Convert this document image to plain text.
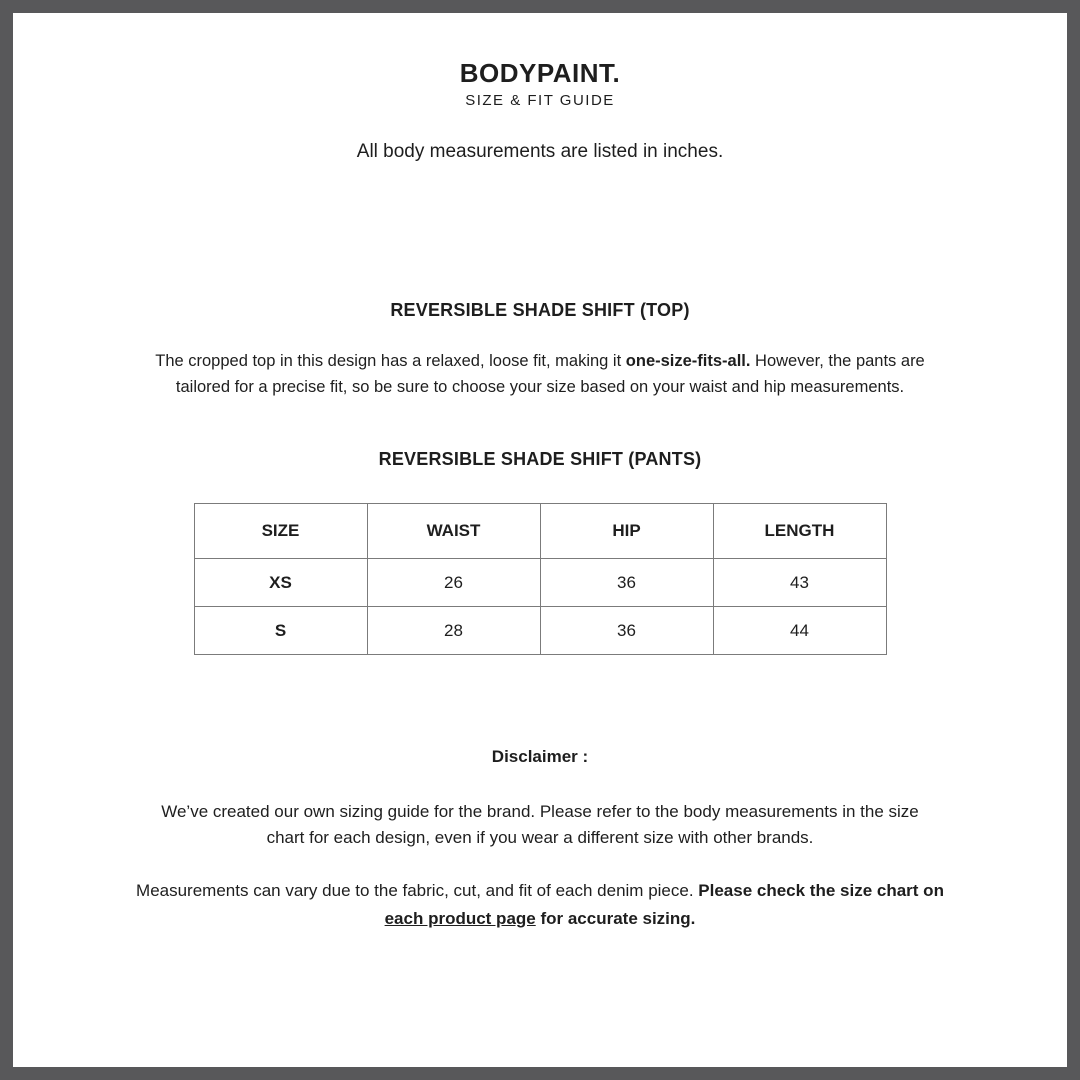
BODYPAINT.
SIZE & FIT GUIDE
All body measurements are listed in inches.
REVERSIBLE SHADE SHIFT (TOP)
The cropped top in this design has a relaxed, loose fit, making it one-size-fits-all. However, the pants are tailored for a precise fit, so be sure to choose your size based on your waist and hip measurements.
REVERSIBLE SHADE SHIFT (PANTS)
SIZE	WAIST	HIP	LENGTH
XS	26	36	43
S	28	36	44
Disclaimer :
We’ve created our own sizing guide for the brand. Please refer to the body measurements in the size chart for each design, even if you wear a different size with other brands.
Measurements can vary due to the fabric, cut, and fit of each denim piece. Please check the size chart on each product page for accurate sizing.
